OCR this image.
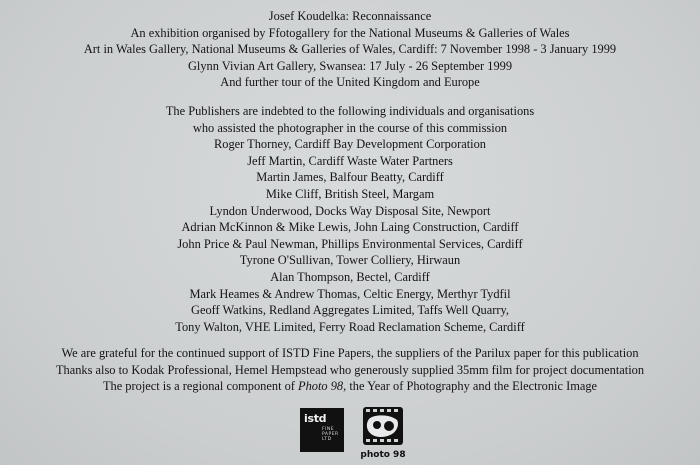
Josef Koudelka: Reconnaissance
An exhibition organised by Ffotogallery for the National Museums & Galleries of Wales
Art in Wales Gallery, National Museums & Galleries of Wales, Cardiff: 7 November 1998 - 3 January 1999
Glynn Vivian Art Gallery, Swansea: 17 July - 26 September 1999
And further tour of the United Kingdom and Europe
The Publishers are indebted to the following individuals and organisations
who assisted the photographer in the course of this commission
Roger Thorney, Cardiff Bay Development Corporation
Jeff Martin, Cardiff Waste Water Partners
Martin James, Balfour Beatty, Cardiff
Mike Cliff, British Steel, Margam
Lyndon Underwood, Docks Way Disposal Site, Newport
Adrian McKinnon & Mike Lewis, John Laing Construction, Cardiff
John Price & Paul Newman, Phillips Environmental Services, Cardiff
Tyrone O'Sullivan, Tower Colliery, Hirwaun
Alan Thompson, Bectel, Cardiff
Mark Heames & Andrew Thomas, Celtic Energy, Merthyr Tydfil
Geoff Watkins, Redland Aggregates Limited, Taffs Well Quarry,
Tony Walton, VHE Limited, Ferry Road Reclamation Scheme, Cardiff
We are grateful for the continued support of ISTD Fine Papers, the suppliers of the Parilux paper for this publication
Thanks also to Kodak Professional, Hemel Hempstead who generously supplied 35mm film for project documentation
The project is a regional component of Photo 98, the Year of Photography and the Electronic Image
istd
FINE
PAPER
LTD
photo 98
